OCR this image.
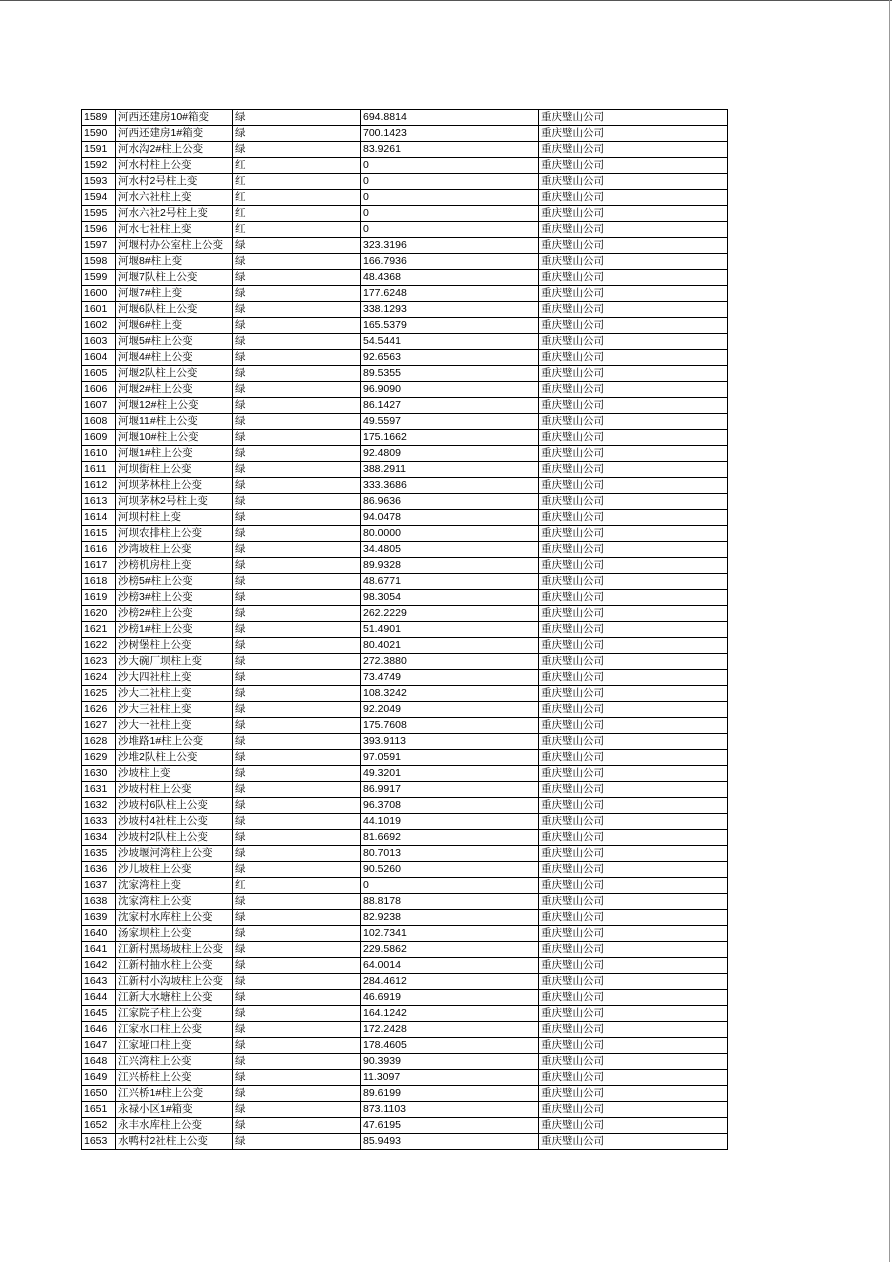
1589	河西还建房10#箱变	绿	694.8814	重庆璧山公司
1590	河西还建房1#箱变	绿	700.1423	重庆璧山公司
1591	河水沟2#柱上公变	绿	83.9261	重庆璧山公司
1592	河水村柱上公变	红	0	重庆璧山公司
1593	河水村2号柱上变	红	0	重庆璧山公司
1594	河水六社柱上变	红	0	重庆璧山公司
1595	河水六社2号柱上变	红	0	重庆璧山公司
1596	河水七社柱上变	红	0	重庆璧山公司
1597	河堰村办公室柱上公变	绿	323.3196	重庆璧山公司
1598	河堰8#柱上变	绿	166.7936	重庆璧山公司
1599	河堰7队柱上公变	绿	48.4368	重庆璧山公司
1600	河堰7#柱上变	绿	177.6248	重庆璧山公司
1601	河堰6队柱上公变	绿	338.1293	重庆璧山公司
1602	河堰6#柱上变	绿	165.5379	重庆璧山公司
1603	河堰5#柱上公变	绿	54.5441	重庆璧山公司
1604	河堰4#柱上公变	绿	92.6563	重庆璧山公司
1605	河堰2队柱上公变	绿	89.5355	重庆璧山公司
1606	河堰2#柱上公变	绿	96.9090	重庆璧山公司
1607	河堰12#柱上公变	绿	86.1427	重庆璧山公司
1608	河堰11#柱上公变	绿	49.5597	重庆璧山公司
1609	河堰10#柱上公变	绿	175.1662	重庆璧山公司
1610	河堰1#柱上公变	绿	92.4809	重庆璧山公司
1611	河坝街柱上公变	绿	388.2911	重庆璧山公司
1612	河坝茅林柱上公变	绿	333.3686	重庆璧山公司
1613	河坝茅林2号柱上变	绿	86.9636	重庆璧山公司
1614	河坝村柱上变	绿	94.0478	重庆璧山公司
1615	河坝农排柱上公变	绿	80.0000	重庆璧山公司
1616	沙湾坡柱上公变	绿	34.4805	重庆璧山公司
1617	沙榜机房柱上变	绿	89.9328	重庆璧山公司
1618	沙榜5#柱上公变	绿	48.6771	重庆璧山公司
1619	沙榜3#柱上公变	绿	98.3054	重庆璧山公司
1620	沙榜2#柱上公变	绿	262.2229	重庆璧山公司
1621	沙榜1#柱上公变	绿	51.4901	重庆璧山公司
1622	沙树堡柱上公变	绿	80.4021	重庆璧山公司
1623	沙大碗厂坝柱上变	绿	272.3880	重庆璧山公司
1624	沙大四社柱上变	绿	73.4749	重庆璧山公司
1625	沙大二社柱上变	绿	108.3242	重庆璧山公司
1626	沙大三社柱上变	绿	92.2049	重庆璧山公司
1627	沙大一社柱上变	绿	175.7608	重庆璧山公司
1628	沙堆路1#柱上公变	绿	393.9113	重庆璧山公司
1629	沙堆2队柱上公变	绿	97.0591	重庆璧山公司
1630	沙坡柱上变	绿	49.3201	重庆璧山公司
1631	沙坡村柱上公变	绿	86.9917	重庆璧山公司
1632	沙坡村6队柱上公变	绿	96.3708	重庆璧山公司
1633	沙坡村4社柱上公变	绿	44.1019	重庆璧山公司
1634	沙坡村2队柱上公变	绿	81.6692	重庆璧山公司
1635	沙坡堰河湾柱上公变	绿	80.7013	重庆璧山公司
1636	沙儿坡柱上公变	绿	90.5260	重庆璧山公司
1637	沈家湾柱上变	红	0	重庆璧山公司
1638	沈家湾柱上公变	绿	88.8178	重庆璧山公司
1639	沈家村水库柱上公变	绿	82.9238	重庆璧山公司
1640	汤家坝柱上公变	绿	102.7341	重庆璧山公司
1641	江新村黑场坡柱上公变	绿	229.5862	重庆璧山公司
1642	江新村抽水柱上公变	绿	64.0014	重庆璧山公司
1643	江新村小沟坡柱上公变	绿	284.4612	重庆璧山公司
1644	江新大水塘柱上公变	绿	46.6919	重庆璧山公司
1645	江家院子柱上公变	绿	164.1242	重庆璧山公司
1646	江家水口柱上公变	绿	172.2428	重庆璧山公司
1647	江家垭口柱上变	绿	178.4605	重庆璧山公司
1648	江兴湾柱上公变	绿	90.3939	重庆璧山公司
1649	江兴桥柱上公变	绿	11.3097	重庆璧山公司
1650	江兴桥1#柱上公变	绿	89.6199	重庆璧山公司
1651	永禄小区1#箱变	绿	873.1103	重庆璧山公司
1652	永丰水库柱上公变	绿	47.6195	重庆璧山公司
1653	水鸭村2社柱上公变	绿	85.9493	重庆璧山公司
